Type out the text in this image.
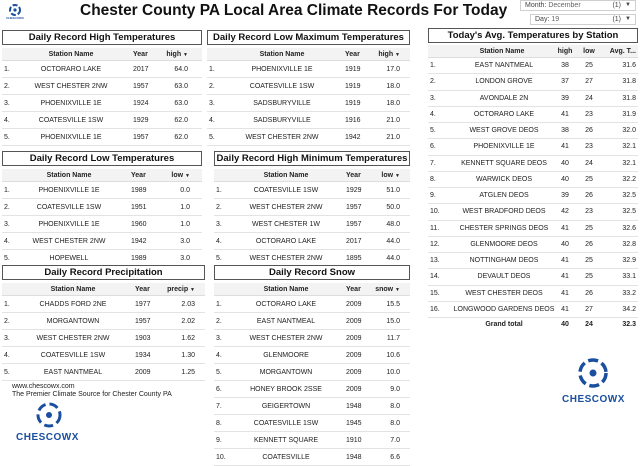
CHESCOWX	Chester County PA Local Area Climate Records For Today	Month: December	(1) ▼
Day: 19	(1) ▼
Daily Record High Temperatures
Station Name	Year	high ▼
1.	OCTORARO LAKE	2017	64.0
2.	WEST CHESTER 2NW	1957	63.0
3.	PHOENIXVILLE 1E	1924	63.0
4.	COATESVILLE 1SW	1929	62.0
5.	PHOENIXVILLE 1E	1957	62.0
Daily Record Low Maximum Temperatures
Station Name	Year	high ▼
1.	PHOENIXVILLE 1E	1919	17.0
2.	COATESVILLE 1SW	1919	18.0
3.	SADSBURYVILLE	1919	18.0
4.	SADSBURYVILLE	1916	21.0
5.	WEST CHESTER 2NW	1942	21.0
Daily Record Low Temperatures
Station Name	Year	low ▼
1.	PHOENIXVILLE 1E	1989	0.0
2.	COATESVILLE 1SW	1951	1.0
3.	PHOENIXVILLE 1E	1960	1.0
4.	WEST CHESTER 2NW	1942	3.0
5.	HOPEWELL	1989	3.0
Daily Record High Minimum Temperatures
Station Name	Year	low ▼
1.	COATESVILLE 1SW	1929	51.0
2.	WEST CHESTER 2NW	1957	50.0
3.	WEST CHESTER 1W	1957	48.0
4.	OCTORARO LAKE	2017	44.0
5.	WEST CHESTER 2NW	1895	44.0
Daily Record Precipitation
Station Name	Year precip ▼
1.	CHADDS FORD 2NE	1977	2.03
2.	MORGANTOWN	1957	2.02
3.	WEST CHESTER 2NW	1903	1.62
4.	COATESVILLE 1SW	1934	1.30
5.	EAST NANTMEAL	2009	1.25
Daily Record Snow
Station Name	Year snow ▼
1.	OCTORARO LAKE	2009	15.5
2.	EAST NANTMEAL	2009	15.0
3.	WEST CHESTER 2NW	2009	11.7
4.	GLENMOORE	2009	10.6
5.	MORGANTOWN	2009	10.0
6.	HONEY BROOK 2SSE	2009	9.0
7.	GEIGERTOWN	1948	8.0
8.	COATESVILLE 1SW	1945	8.0
9.	KENNETT SQUARE	1910	7.0
10.	COATESVILLE	1948	6.6
Today's Avg. Temperatures by Station
Station Name	high	low	Avg. T...
1.	EAST NANTMEAL	38	25	31.6
2.	LONDON GROVE	37	27	31.8
3.	AVONDALE 2N	39	24	31.8
4.	OCTORARO LAKE	41	23	31.9
5.	WEST GROVE DEOS	38	26	32.0
6.	PHOENIXVILLE 1E	41	23	32.1
7.	KENNETT SQUARE DEOS	40	24	32.1
8.	WARWICK DEOS	40	25	32.2
9.	ATGLEN DEOS	39	26	32.5
10.	WEST BRADFORD DEOS	42	23	32.5
11.	CHESTER SPRINGS DEOS	41	25	32.6
12.	GLENMOORE DEOS	40	26	32.8
13.	NOTTINGHAM DEOS	41	25	32.9
14.	DEVAULT DEOS	41	25	33.1
15.	WEST CHESTER DEOS	41	26	33.2
16.	LONGWOOD GARDENS DEOS 41	27	34.2
Grand total	40	24	32.3
www.chescowx.com
The Premier Climate Source for Chester County PA
CHESCOWX
CHESCOWX
